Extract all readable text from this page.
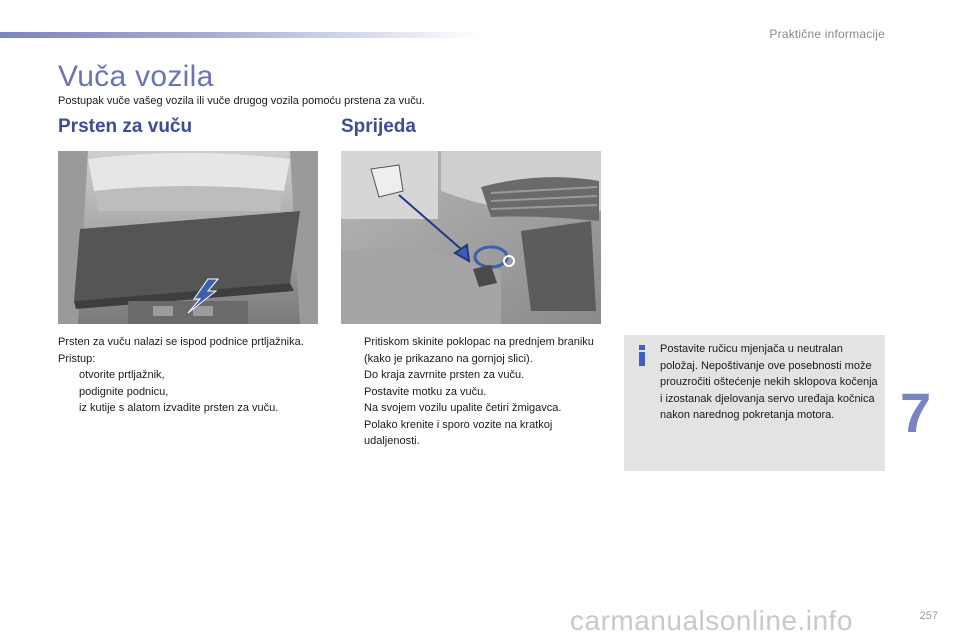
Praktične informacije
Vuča vozila

Postupak vuče vašeg vozila ili vuče drugog vozila pomoću prstena za vuču.

Prsten za vuču	Sprijeda

Prsten za vuču nalazi se ispod podnice prtljažnika.

Pristup:

otvorite prtljažnik,
podignite podnicu,
iz kutije s alatom izvadite prsten za vuču.
Pritiskom skinite poklopac na prednjem braniku (kako je prikazano na gornjoj slici).
Do kraja zavrnite prsten za vuču.
Postavite motku za vuču.
Na svojem vozilu upalite četiri žmigavca.
Polako krenite i sporo vozite na kratkoj udaljenosti.

Postavite ručicu mjenjača u neutralan položaj. Nepoštivanje ove posebnosti može prouzročiti oštećenje nekih sklopova kočenja i izostanak djelovanja servo uređaja kočnica nakon narednog pokretanja motora.	7
carmanualsonline.info	257
